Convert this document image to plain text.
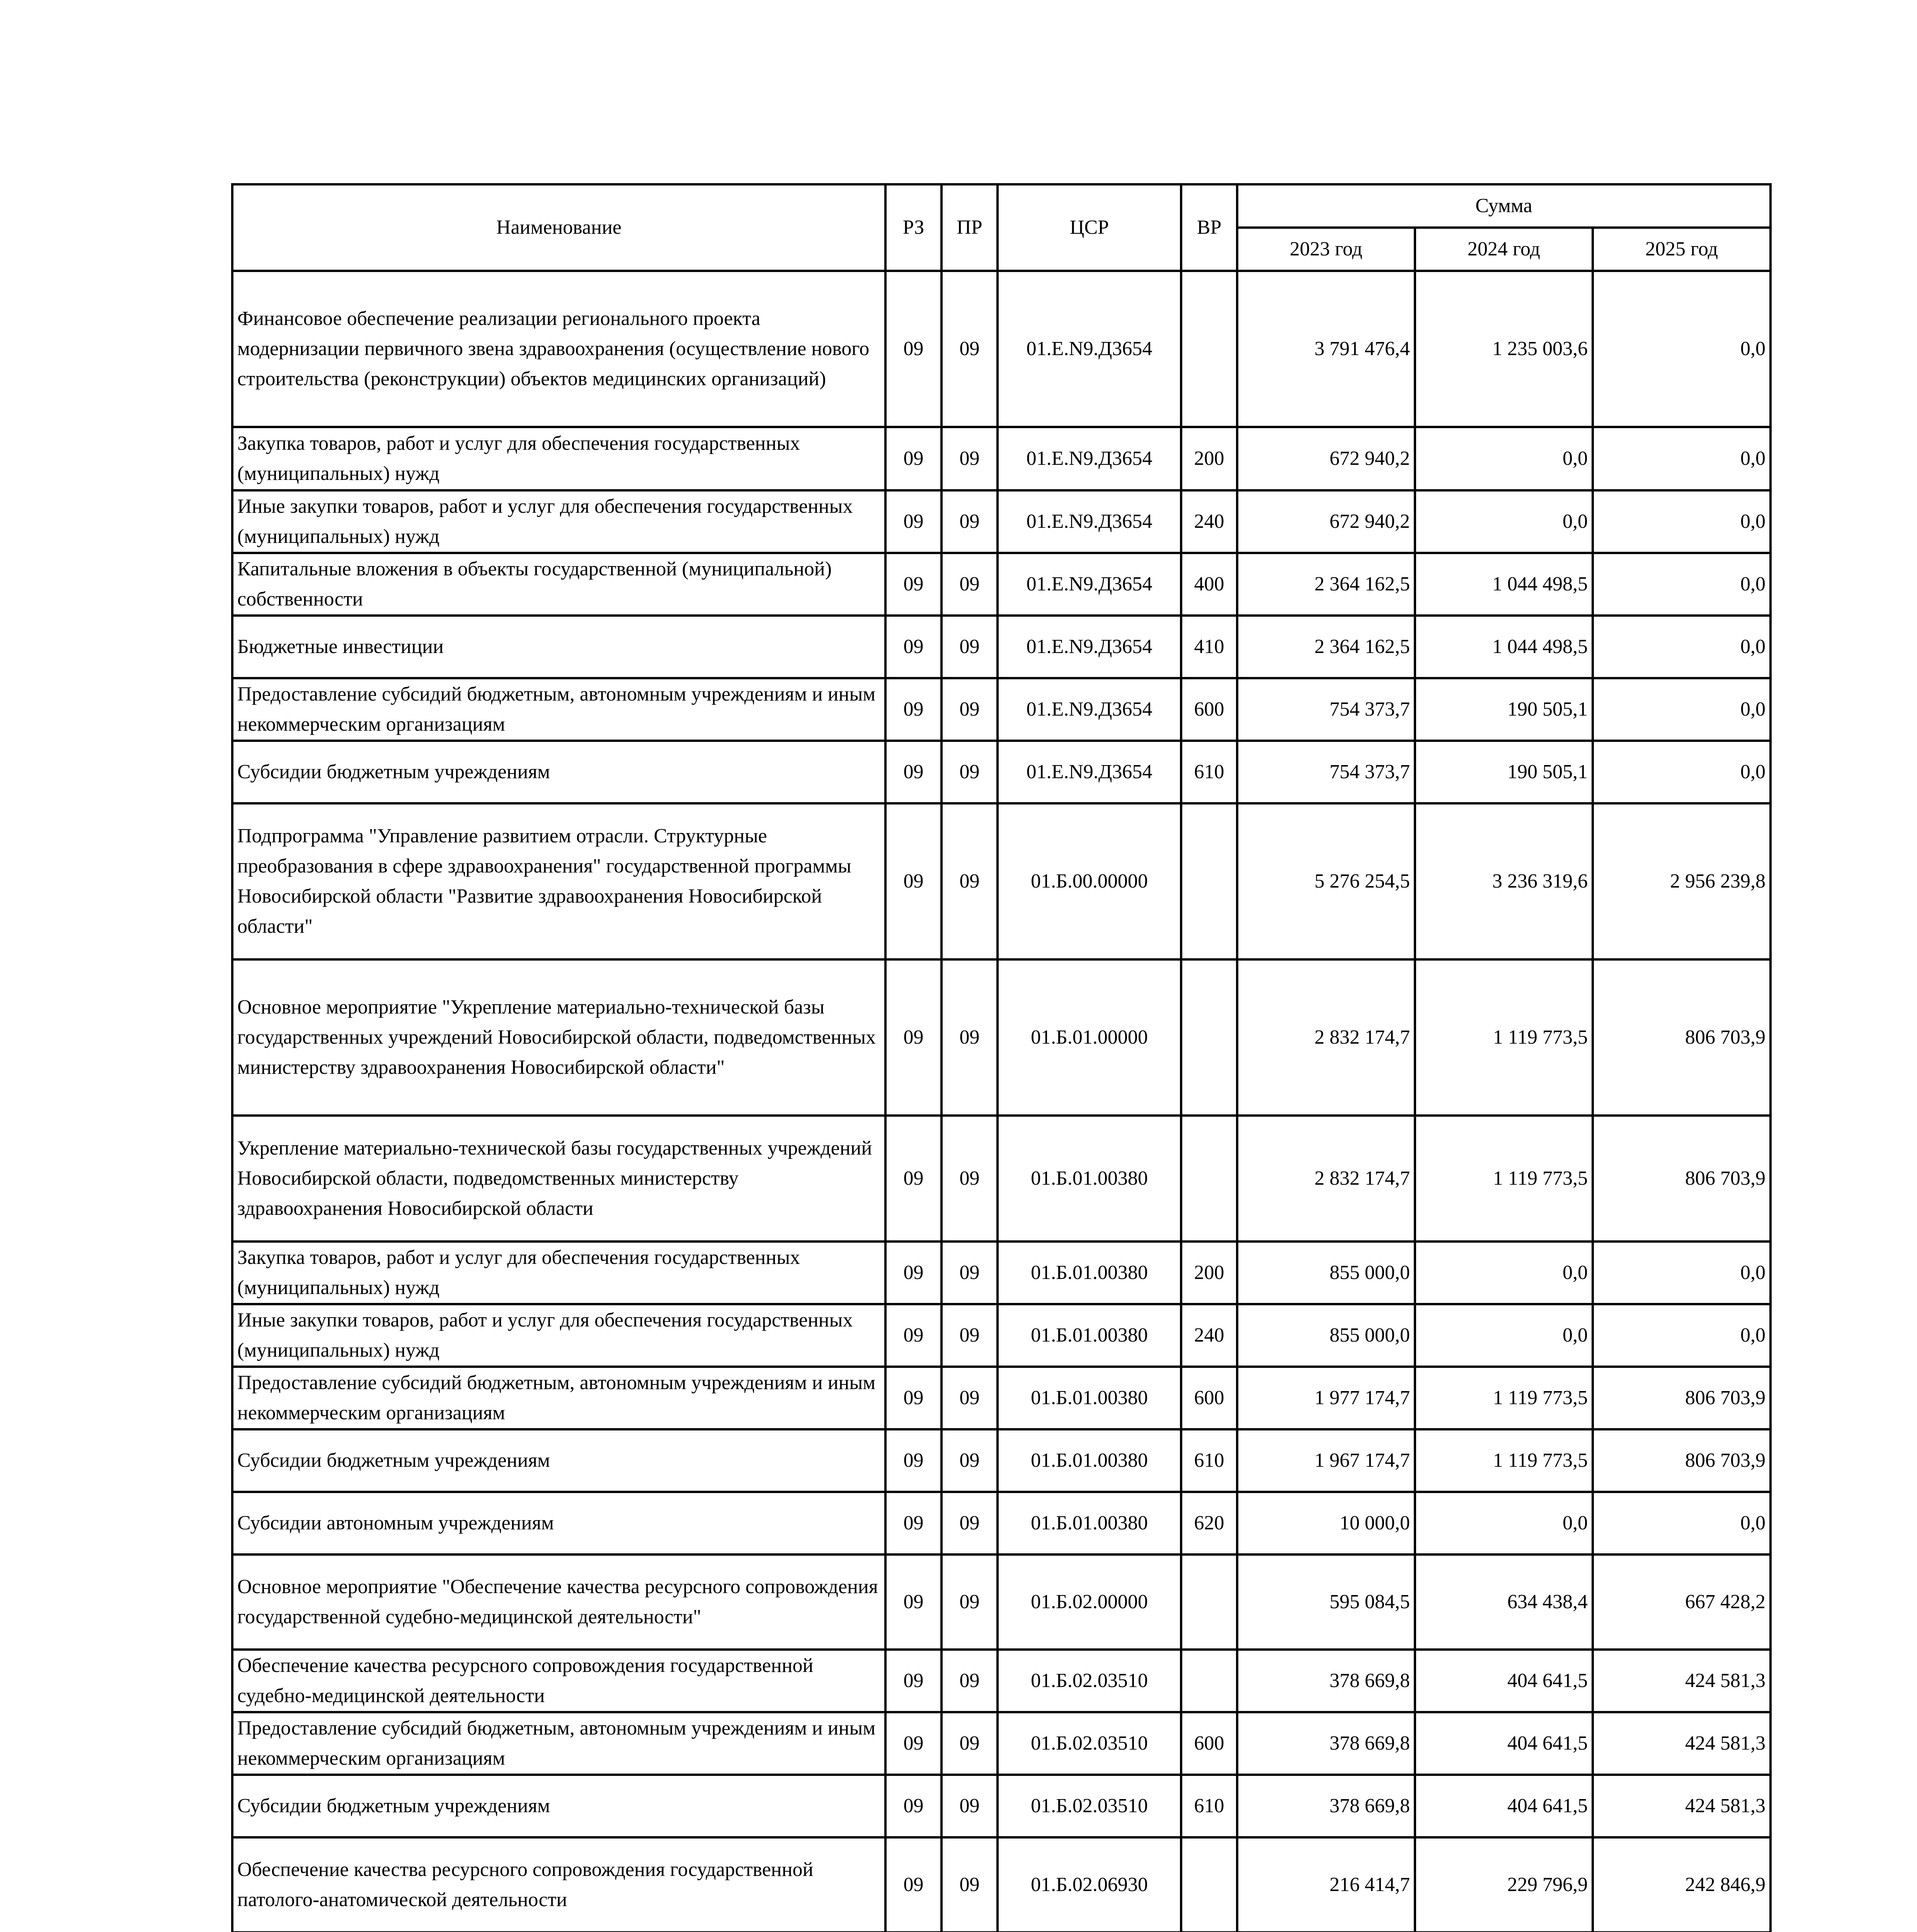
Наименование	РЗ	ПР	ЦСР	ВР	Сумма		
					2023 год	2024 год	2025 год
Финансовое обеспечение реализации регионального проекта модернизации первичного звена здравоохранения (осуществление нового строительства (реконструкции) объектов медицинских организаций)	09	09	01.Е.N9.Д3654		3 791 476,4	1 235 003,6	0,0
Закупка товаров, работ и услуг для обеспечения государственных (муниципальных) нужд	09	09	01.Е.N9.Д3654	200	672 940,2	0,0	0,0
Иные закупки товаров, работ и услуг для обеспечения государственных (муниципальных) нужд	09	09	01.Е.N9.Д3654	240	672 940,2	0,0	0,0
Капитальные вложения в объекты государственной (муниципальной) собственности	09	09	01.Е.N9.Д3654	400	2 364 162,5	1 044 498,5	0,0
Бюджетные инвестиции	09	09	01.Е.N9.Д3654	410	2 364 162,5	1 044 498,5	0,0
Предоставление субсидий бюджетным, автономным учреждениям и иным некоммерческим организациям	09	09	01.Е.N9.Д3654	600	754 373,7	190 505,1	0,0
Субсидии бюджетным учреждениям	09	09	01.Е.N9.Д3654	610	754 373,7	190 505,1	0,0
Подпрограмма "Управление развитием отрасли. Структурные преобразования в сфере здравоохранения" государственной программы Новосибирской области "Развитие здравоохранения Новосибирской области"	09	09	01.Б.00.00000		5 276 254,5	3 236 319,6	2 956 239,8
Основное мероприятие "Укрепление материально-технической базы государственных учреждений Новосибирской области, подведомственных министерству здравоохранения Новосибирской области"	09	09	01.Б.01.00000		2 832 174,7	1 119 773,5	806 703,9
Укрепление материально-технической базы государственных учреждений Новосибирской области, подведомственных министерству здравоохранения Новосибирской области	09	09	01.Б.01.00380		2 832 174,7	1 119 773,5	806 703,9
Закупка товаров, работ и услуг для обеспечения государственных (муниципальных) нужд	09	09	01.Б.01.00380	200	855 000,0	0,0	0,0
Иные закупки товаров, работ и услуг для обеспечения государственных (муниципальных) нужд	09	09	01.Б.01.00380	240	855 000,0	0,0	0,0
Предоставление субсидий бюджетным, автономным учреждениям и иным некоммерческим организациям	09	09	01.Б.01.00380	600	1 977 174,7	1 119 773,5	806 703,9
Субсидии бюджетным учреждениям	09	09	01.Б.01.00380	610	1 967 174,7	1 119 773,5	806 703,9
Субсидии автономным учреждениям	09	09	01.Б.01.00380	620	10 000,0	0,0	0,0
Основное мероприятие "Обеспечение качества ресурсного сопровождения государственной судебно-медицинской деятельности"	09	09	01.Б.02.00000		595 084,5	634 438,4	667 428,2
Обеспечение качества ресурсного сопровождения государственной судебно-медицинской деятельности	09	09	01.Б.02.03510		378 669,8	404 641,5	424 581,3
Предоставление субсидий бюджетным, автономным учреждениям и иным некоммерческим организациям	09	09	01.Б.02.03510	600	378 669,8	404 641,5	424 581,3
Субсидии бюджетным учреждениям	09	09	01.Б.02.03510	610	378 669,8	404 641,5	424 581,3
Обеспечение качества ресурсного сопровождения государственной патолого-анатомической деятельности	09	09	01.Б.02.06930		216 414,7	229 796,9	242 846,9
